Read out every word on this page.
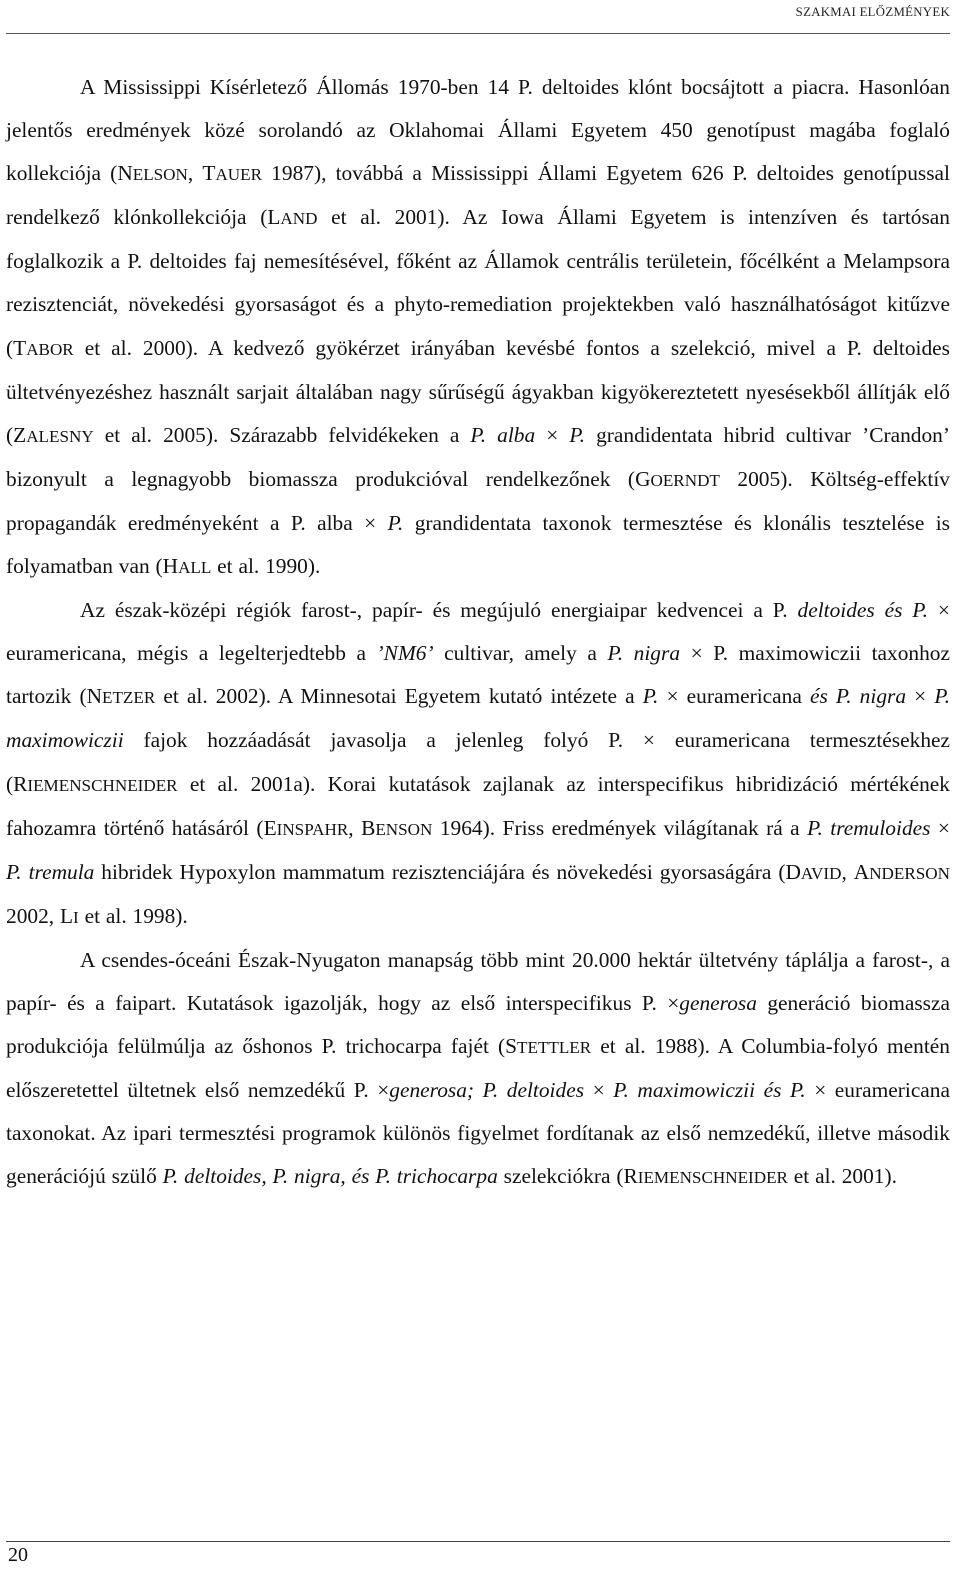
SZAKMAI ELŐZMÉNYEK

A Mississippi Kísérletező Állomás 1970-ben 14 P. deltoides klónt bocsájtott a piacra. Hasonlóan jelentős eredmények közé sorolandó az Oklahomai Állami Egyetem 450 genotípust magába foglaló kollekciója (NELSON, TAUER 1987), továbbá a Mississippi Állami Egyetem 626 P. deltoides genotípussal rendelkező klónkollekciója (LAND et al. 2001). Az Iowa Állami Egyetem is intenzíven és tartósan foglalkozik a P. deltoides faj nemesítésével, főként az Államok centrális területein, főcélként a Melampsora rezisztenciát, növekedési gyorsaságot és a phyto-remediation projektekben való használhatóságot kitűzve (TABOR et al. 2000). A kedvező gyökérzet irányában kevésbé fontos a szelekció, mivel a P. deltoides ültetvényezéshez használt sarjait általában nagy sűrűségű ágyakban kigyökereztetett nyesésekből állítják elő (ZALESNY et al. 2005). Szárazabb felvidékeken a P. alba × P. grandidentata hibrid cultivar ’Crandon’ bizonyult a legnagyobb biomassza produkcióval rendelkezőnek (GOERNDT 2005). Költség-effektív propagandák eredményeként a P. alba × P. grandidentata taxonok termesztése és klonális tesztelése is folyamatban van (HALL et al. 1990).

Az észak-középi régiók farost-, papír- és megújuló energiaipar kedvencei a P. deltoides és P. × euramericana, mégis a legelterjedtebb a ’NM6’ cultivar, amely a P. nigra × P. maximowiczii taxonhoz tartozik (NETZER et al. 2002). A Minnesotai Egyetem kutató intézete a P. × euramericana és P. nigra × P. maximowiczii fajok hozzáadását javasolja a jelenleg folyó P. × euramericana termesztésekhez (RIEMENSCHNEIDER et al. 2001a). Korai kutatások zajlanak az interspecifikus hibridizáció mértékének fahozamra történő hatásáról (EINSPAHR, BENSON 1964). Friss eredmények világítanak rá a P. tremuloides × P. tremula hibridek Hypoxylon mammatum rezisztenciájára és növekedési gyorsaságára (DAVID, ANDERSON 2002, LI et al. 1998).

A csendes-óceáni Észak-Nyugaton manapság több mint 20.000 hektár ültetvény táplálja a farost-, a papír- és a faipart. Kutatások igazolják, hogy az első interspecifikus P. ×generosa generáció biomassza produkciója felülmúlja az őshonos P. trichocarpa fajét (STETTLER et al. 1988). A Columbia-folyó mentén előszeretettel ültetnek első nemzedékű P. ×generosa; P. deltoides × P. maximowiczii és P. × euramericana taxonokat. Az ipari termesztési programok különös figyelmet fordítanak az első nemzedékű, illetve második generációjú szülő P. deltoides, P. nigra, és P. trichocarpa szelekciókra (RIEMENSCHNEIDER et al. 2001).

20
